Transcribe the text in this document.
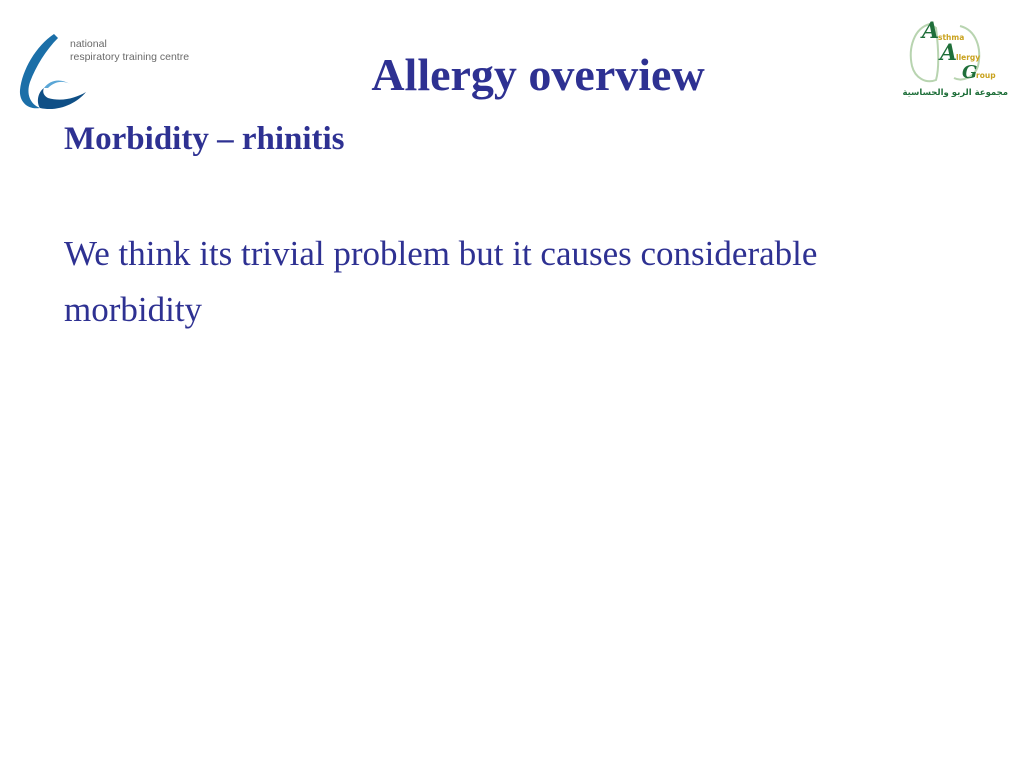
national
respiratory training centre
A
sthma
A
llergy
G
roup
مجموعة الربو والحساسية
Allergy overview
Morbidity – rhinitis

We think its trivial problem but it causes considerable morbidity
